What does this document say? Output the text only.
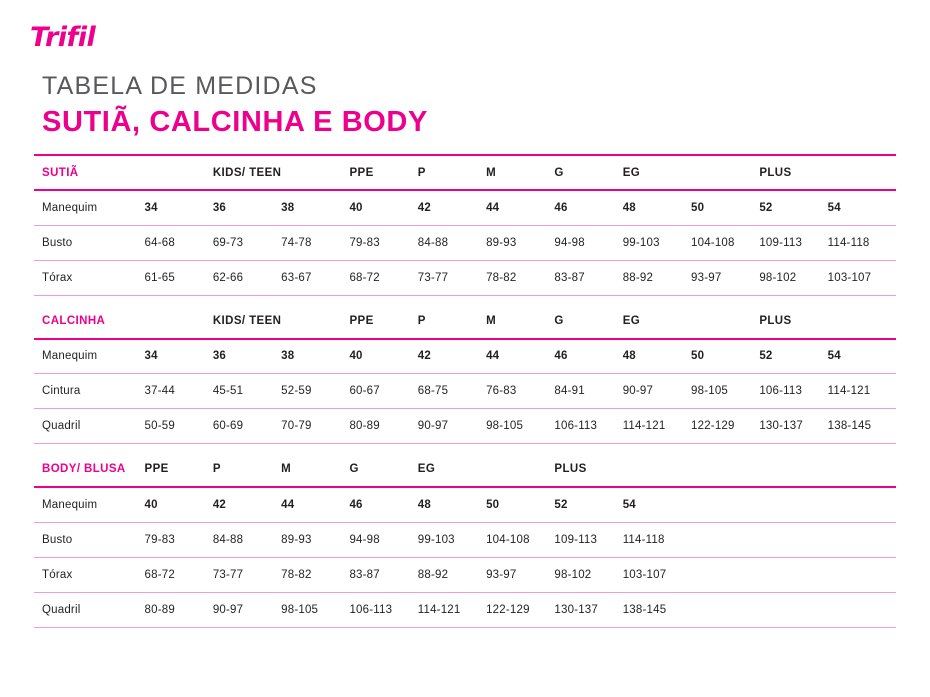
Trifil
TABELA DE MEDIDAS
SUTIÃ, CALCINHA E BODY
SUTIÃ		KIDS/ TEEN		PPE	P	M	G	EG		PLUS	
Manequim	34	36	38	40	42	44	46	48	50	52	54
Busto	64-68	69-73	74-78	79-83	84-88	89-93	94-98	99-103	104-108	109-113	114-118
Tórax	61-65	62-66	63-67	68-72	73-77	78-82	83-87	88-92	93-97	98-102	103-107
CALCINHA		KIDS/ TEEN		PPE	P	M	G	EG		PLUS	
Manequim	34	36	38	40	42	44	46	48	50	52	54
Cintura	37-44	45-51	52-59	60-67	68-75	76-83	84-91	90-97	98-105	106-113	114-121
Quadril	50-59	60-69	70-79	80-89	90-97	98-105	106-113	114-121	122-129	130-137	138-145
BODY/ BLUSA	PPE	P	M	G	EG		PLUS				
Manequim	40	42	44	46	48	50	52	54			
Busto	79-83	84-88	89-93	94-98	99-103	104-108	109-113	114-118			
Tórax	68-72	73-77	78-82	83-87	88-92	93-97	98-102	103-107			
Quadril	80-89	90-97	98-105	106-113	114-121	122-129	130-137	138-145			
